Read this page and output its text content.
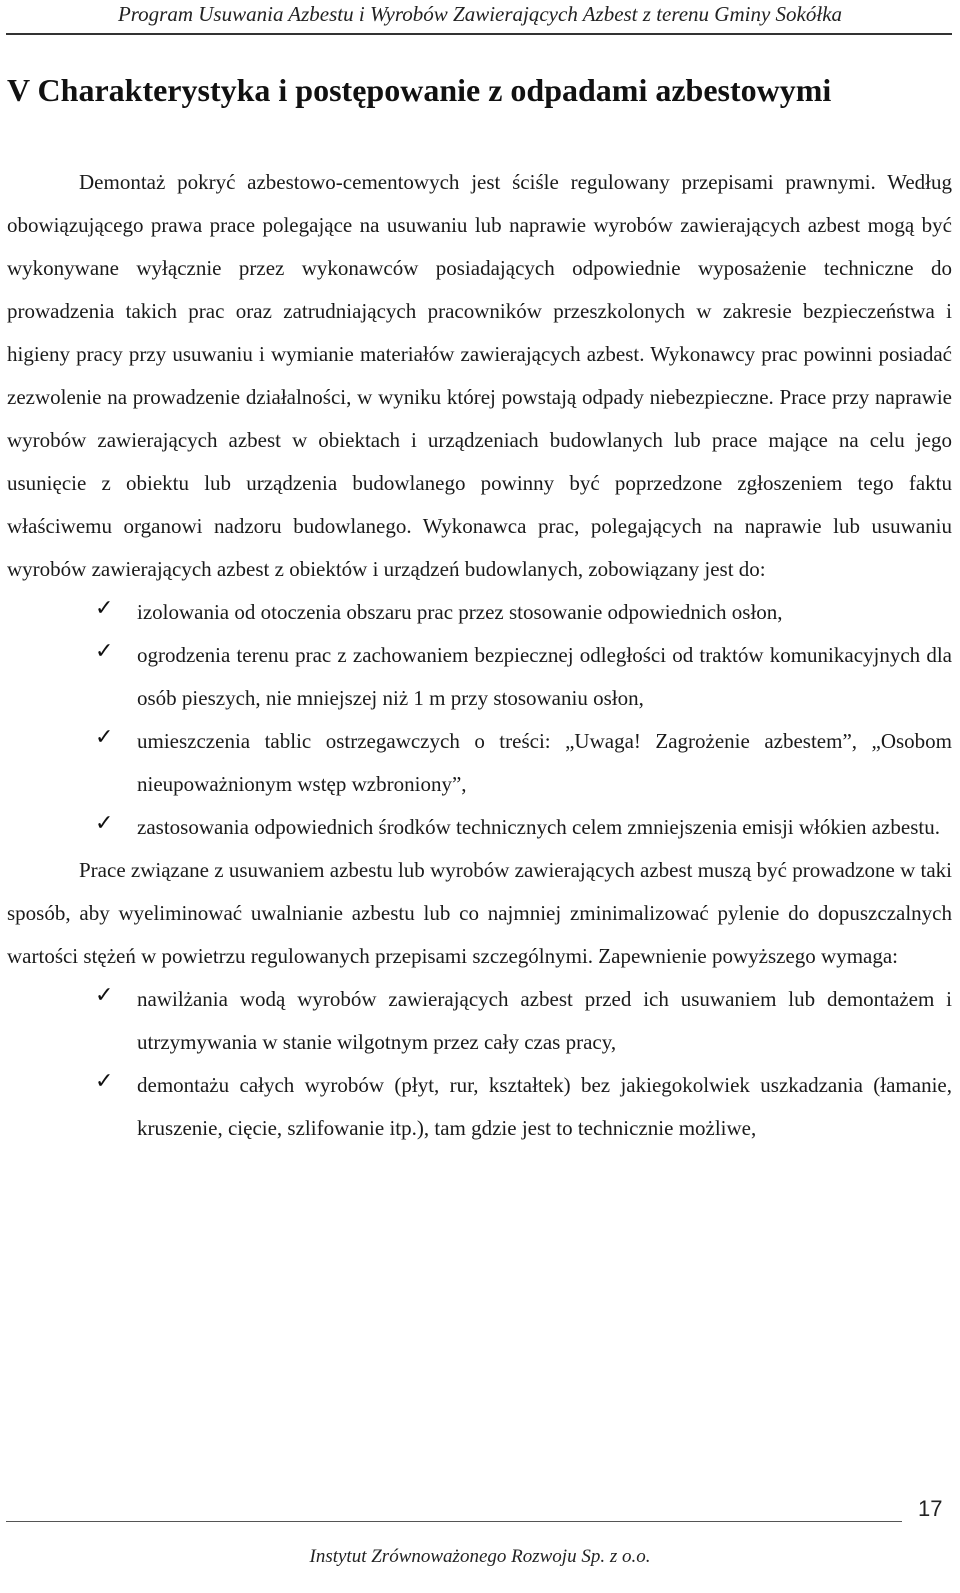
Program Usuwania Azbestu i Wyrobów Zawierających Azbest z terenu Gminy Sokółka
V Charakterystyka i postępowanie z odpadami azbestowymi

Demontaż pokryć azbestowo-cementowych jest ściśle regulowany przepisami prawnymi. Według obowiązującego prawa prace polegające na usuwaniu lub naprawie wyrobów zawierających azbest mogą być wykonywane wyłącznie przez wykonawców posiadających odpowiednie wyposażenie techniczne do prowadzenia takich prac oraz zatrudniających pracowników przeszkolonych w zakresie bezpieczeństwa i higieny pracy przy usuwaniu i wymianie materiałów zawierających azbest. Wykonawcy prac powinni posiadać zezwolenie na prowadzenie działalności, w wyniku której powstają odpady niebezpieczne. Prace przy naprawie wyrobów zawierających azbest w obiektach i urządzeniach budowlanych lub prace mające na celu jego usunięcie z obiektu lub urządzenia budowlanego powinny być poprzedzone zgłoszeniem tego faktu właściwemu organowi nadzoru budowlanego. Wykonawca prac, polegających na naprawie lub usuwaniu wyrobów zawierających azbest z obiektów i urządzeń budowlanych, zobowiązany jest do:

✓ izolowania od otoczenia obszaru prac przez stosowanie odpowiednich osłon,
✓ ogrodzenia terenu prac z zachowaniem bezpiecznej odległości od traktów komunikacyjnych dla osób pieszych, nie mniejszej niż 1 m przy stosowaniu osłon,
✓ umieszczenia tablic ostrzegawczych o treści: „Uwaga! Zagrożenie azbestem”, „Osobom nieupoważnionym wstęp wzbroniony”,
✓ zastosowania odpowiednich środków technicznych celem zmniejszenia emisji włókien azbestu.

Prace związane z usuwaniem azbestu lub wyrobów zawierających azbest muszą być prowadzone w taki sposób, aby wyeliminować uwalnianie azbestu lub co najmniej zminimalizować pylenie do dopuszczalnych wartości stężeń w powietrzu regulowanych przepisami szczególnymi. Zapewnienie powyższego wymaga:

✓ nawilżania wodą wyrobów zawierających azbest przed ich usuwaniem lub demontażem i utrzymywania w stanie wilgotnym przez cały czas pracy,
✓ demontażu całych wyrobów (płyt, rur, kształtek) bez jakiegokolwiek uszkadzania (łamanie, kruszenie, cięcie, szlifowanie itp.), tam gdzie jest to technicznie możliwe,
17
Instytut Zrównoważonego Rozwoju Sp. z o.o.
